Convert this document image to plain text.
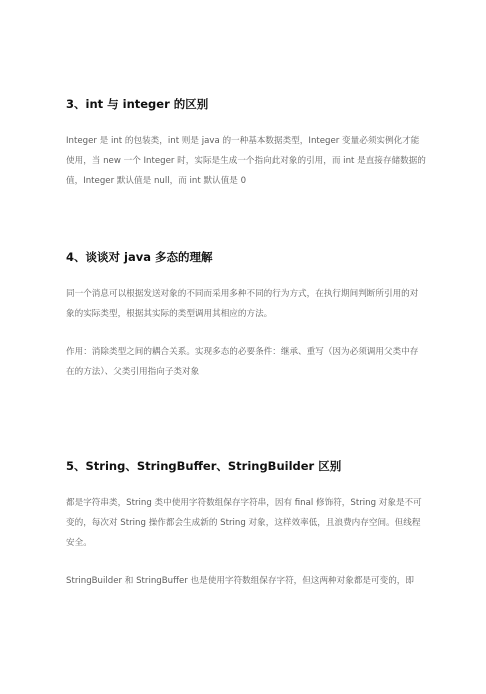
3、int 与 integer 的区别

Integer 是 int 的包装类，int 则是 java 的一种基本数据类型，Integer 变量必须实例化才能使用，当 new 一个 Integer 时，实际是生成一个指向此对象的引用，而 int 是直接存储数据的值，Integer 默认值是 null，而 int 默认值是 0

4、谈谈对 java 多态的理解

同一个消息可以根据发送对象的不同而采用多种不同的行为方式，在执行期间判断所引用的对象的实际类型，根据其实际的类型调用其相应的方法。

作用：消除类型之间的耦合关系。实现多态的必要条件：继承、重写（因为必须调用父类中存在的方法）、父类引用指向子类对象

5、String、StringBuffer、StringBuilder 区别

都是字符串类，String 类中使用字符数组保存字符串，因有 final 修饰符，String 对象是不可变的，每次对 String 操作都会生成新的 String 对象，这样效率低，且浪费内存空间。但线程安全。

StringBuilder 和 StringBuffer 也是使用字符数组保存字符，但这两种对象都是可变的，即
